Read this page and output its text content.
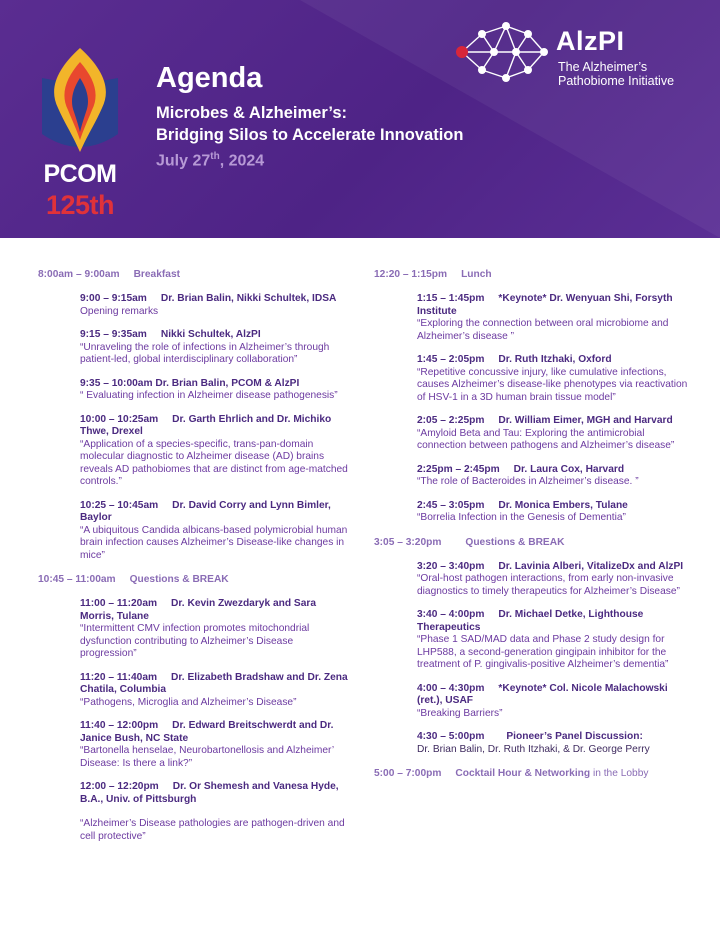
PCOM
125th
Agenda
Microbes & Alzheimer’s:
Bridging Silos to Accelerate Innovation
July 27th, 2024
AlzPI
The Alzheimer’s
Pathobiome Initiative
8:00am – 9:00am Breakfast
9:00 – 9:15am Dr. Brian Balin, Nikki Schultek, IDSA
Opening remarks
9:15 – 9:35am Nikki Schultek, AlzPI
“Unraveling the role of infections in Alzheimer’s through patient-led, global interdisciplinary collaboration”
9:35 – 10:00am Dr. Brian Balin, PCOM & AlzPI
“ Evaluating infection in Alzheimer disease pathogenesis”
10:00 – 10:25am Dr. Garth Ehrlich and Dr. Michiko Thwe, Drexel
“Application of a species-specific, trans-pan-domain molecular diagnostic to Alzheimer disease (AD) brains reveals AD pathobiomes that are distinct from age-matched controls.”
10:25 – 10:45am Dr. David Corry and Lynn Bimler, Baylor
“A ubiquitous Candida albicans-based polymicrobial human brain infection causes Alzheimer’s Disease-like changes in mice”
10:45 – 11:00am Questions & BREAK
11:00 – 11:20am Dr. Kevin Zwezdaryk and Sara Morris, Tulane
“Intermittent CMV infection promotes mitochondrial dysfunction contributing to Alzheimer’s Disease progression”
11:20 – 11:40am Dr. Elizabeth Bradshaw and Dr. Zena Chatila, Columbia
“Pathogens, Microglia and Alzheimer’s Disease”
11:40 – 12:00pm Dr. Edward Breitschwerdt and Dr. Janice Bush, NC State
“Bartonella henselae, Neurobartonellosis and Alzheimer’ Disease: Is there a link?”
12:00 – 12:20pm Dr. Or Shemesh and Vanesa Hyde, B.A., Univ. of Pittsburgh
“Alzheimer’s Disease pathologies are pathogen-driven and cell protective”
12:20 – 1:15pm Lunch
1:15 – 1:45pm *Keynote* Dr. Wenyuan Shi, Forsyth Institute
“Exploring the connection between oral microbiome and Alzheimer’s disease ”
1:45 – 2:05pm Dr. Ruth Itzhaki, Oxford
“Repetitive concussive injury, like cumulative infections, causes Alzheimer’s disease-like phenotypes via reactivation of HSV-1 in a 3D human brain tissue model”
2:05 – 2:25pm Dr. William Eimer, MGH and Harvard
“Amyloid Beta and Tau: Exploring the antimicrobial connection between pathogens and Alzheimer’s disease”
2:25pm – 2:45pm Dr. Laura Cox, Harvard
“The role of Bacteroides in Alzheimer’s disease. ”
2:45 – 3:05pm Dr. Monica Embers, Tulane
“Borrelia Infection in the Genesis of Dementia”
3:05 – 3:20pm Questions & BREAK
3:20 – 3:40pm Dr. Lavinia Alberi, VitalizeDx and AlzPI
“Oral-host pathogen interactions, from early non-invasive diagnostics to timely therapeutics for Alzheimer’s Disease”
3:40 – 4:00pm Dr. Michael Detke, Lighthouse Therapeutics
“Phase 1 SAD/MAD data and Phase 2 study design for LHP588, a second-generation gingipain inhibitor for the treatment of P. gingivalis-positive Alzheimer’s dementia”
4:00 – 4:30pm *Keynote* Col. Nicole Malachowski (ret.), USAF
“Breaking Barriers”
4:30 – 5:00pm Pioneer’s Panel Discussion:
Dr. Brian Balin, Dr. Ruth Itzhaki, & Dr. George Perry
5:00 – 7:00pm Cocktail Hour & Networking in the Lobby
